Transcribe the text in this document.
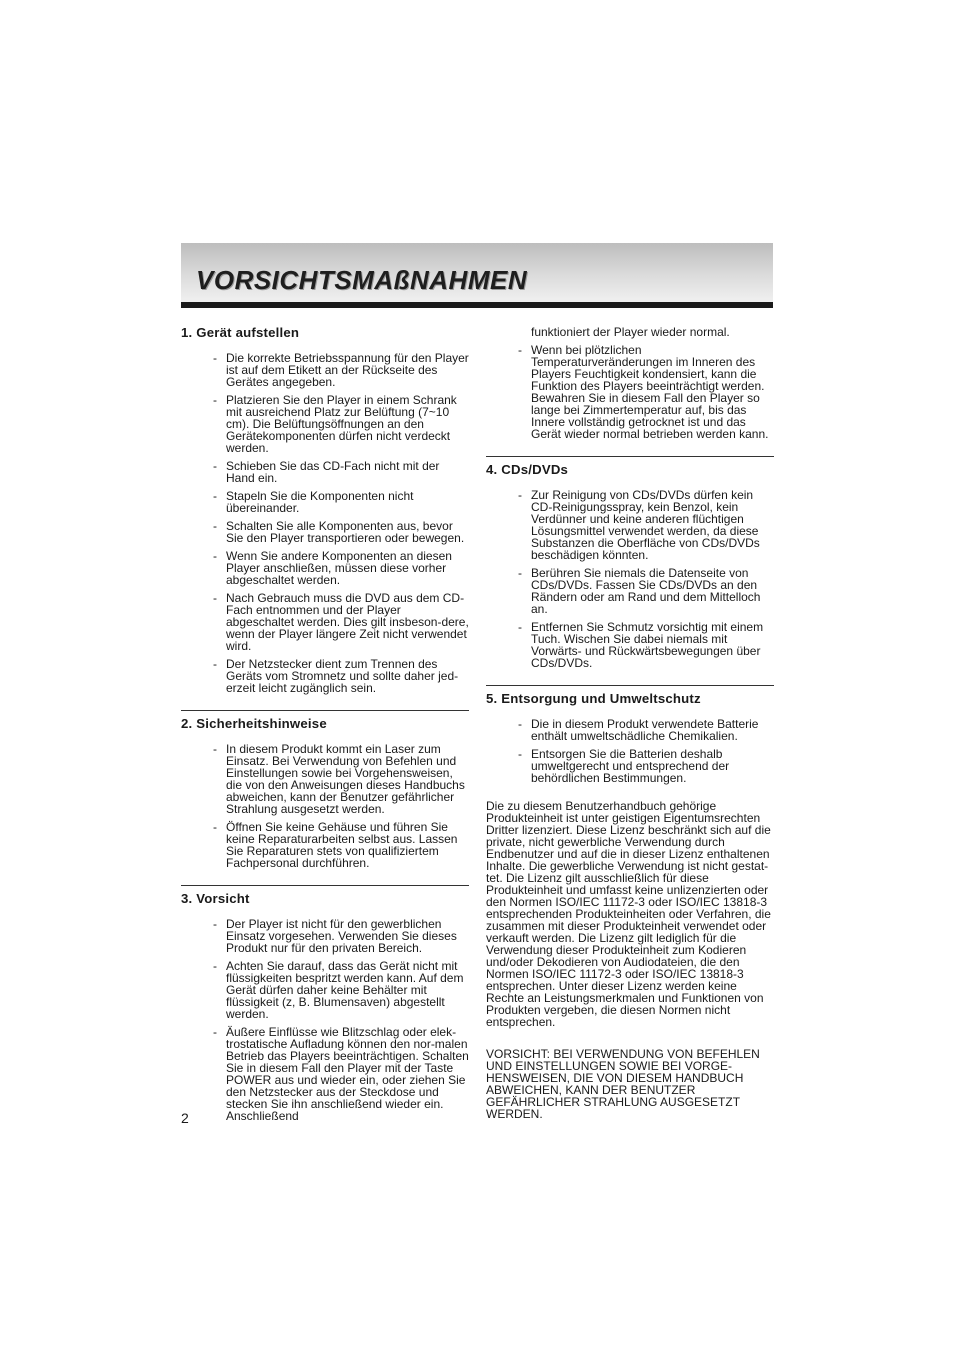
VORSICHTSMAßNAHMEN
1. Gerät aufstellen
- Die korrekte Betriebsspannung für den Player ist auf dem Etikett an der Rückseite des Gerätes angegeben.
- Platzieren Sie den Player in einem Schrank mit ausreichend Platz zur Belüftung (7~10 cm). Die Belüftungsöffnungen an den Gerätekomponenten dürfen nicht verdeckt werden.
- Schieben Sie das CD-Fach nicht mit der Hand ein.
- Stapeln Sie die Komponenten nicht übereinander.
- Schalten Sie alle Komponenten aus, bevor Sie den Player transportieren oder bewegen.
- Wenn Sie andere Komponenten an diesen Player anschließen, müssen diese vorher abgeschaltet werden.
- Nach Gebrauch muss die DVD aus dem CD-Fach entnommen und der Player abgeschaltet werden. Dies gilt insbeson-dere, wenn der Player längere Zeit nicht verwendet wird.
- Der Netzstecker dient zum Trennen des Geräts vom Stromnetz und sollte daher jed-erzeit leicht zugänglich sein.
2. Sicherheitshinweise
- In diesem Produkt kommt ein Laser zum Einsatz. Bei Verwendung von Befehlen und Einstellungen sowie bei Vorgehensweisen, die von den Anweisungen dieses Handbuchs abweichen, kann der Benutzer gefährlicher Strahlung ausgesetzt werden.
- Öffnen Sie keine Gehäuse und führen Sie keine Reparaturarbeiten selbst aus. Lassen Sie Reparaturen stets von qualifiziertem Fachpersonal durchführen.
3. Vorsicht
- Der Player ist nicht für den gewerblichen Einsatz vorgesehen. Verwenden Sie dieses Produkt nur für den privaten Bereich.
- Achten Sie darauf, dass das Gerät nicht mit flüssigkeiten bespritzt werden kann. Auf dem Gerät dürfen daher keine Behälter mit flüssigkeit (z, B. Blumensaven) abgestellt werden.
- Äußere Einflüsse wie Blitzschlag oder elek-trostatische Aufladung können den nor-malen Betrieb das Players beeinträchtigen. Schalten Sie in diesem Fall den Player mit der Taste POWER aus und wieder ein, oder ziehen Sie den Netzstecker aus der Steckdose und stecken Sie ihn anschließend wieder ein. Anschließend
funktioniert der Player wieder normal.
- Wenn bei plötzlichen Temperaturveränderungen im Inneren des Players Feuchtigkeit kondensiert, kann die Funktion des Players beeinträchtigt werden. Bewahren Sie in diesem Fall den Player so lange bei Zimmertemperatur auf, bis das Innere vollständig getrocknet ist und das Gerät wieder normal betrieben werden kann.
4. CDs/DVDs
- Zur Reinigung von CDs/DVDs dürfen kein CD-Reinigungsspray, kein Benzol, kein Verdünner und keine anderen flüchtigen Lösungsmittel verwendet werden, da diese Substanzen die Oberfläche von CDs/DVDs beschädigen könnten.
- Berühren Sie niemals die Datenseite von CDs/DVDs. Fassen Sie CDs/DVDs an den Rändern oder am Rand und dem Mittelloch an.
- Entfernen Sie Schmutz vorsichtig mit einem Tuch. Wischen Sie dabei niemals mit Vorwärts- und Rückwärtsbewegungen über CDs/DVDs.
5. Entsorgung und Umweltschutz
- Die in diesem Produkt verwendete Batterie enthält umweltschädliche Chemikalien.
- Entsorgen Sie die Batterien deshalb umweltgerecht und entsprechend der behördlichen Bestimmungen.

Die zu diesem Benutzerhandbuch gehörige Produkteinheit ist unter geistigen Eigentumsrechten Dritter lizenziert. Diese Lizenz beschränkt sich auf die private, nicht gewerbliche Verwendung durch Endbenutzer und auf die in dieser Lizenz enthaltenen Inhalte. Die gewerbliche Verwendung ist nicht gestat-tet. Die Lizenz gilt ausschließlich für diese Produkteinheit und umfasst keine unlizenzierten oder den Normen ISO/IEC 11172-3 oder ISO/IEC 13818-3 entsprechenden Produkteinheiten oder Verfahren, die zusammen mit dieser Produkteinheit verwendet oder verkauft werden. Die Lizenz gilt lediglich für die Verwendung dieser Produkteinheit zum Kodieren und/oder Dekodieren von Audiodateien, die den Normen ISO/IEC 11172-3 oder ISO/IEC 13818-3 entsprechen. Unter dieser Lizenz werden keine Rechte an Leistungsmerkmalen und Funktionen von Produkten vergeben, die diesen Normen nicht entsprechen.

VORSICHT: BEI VERWENDUNG VON BEFEHLEN UND EINSTELLUNGEN SOWIE BEI VORGE-HENSWEISEN, DIE VON DIESEM HANDBUCH ABWEICHEN, KANN DER BENUTZER GEFÄHRLICHER STRAHLUNG AUSGESETZT WERDEN.

2
